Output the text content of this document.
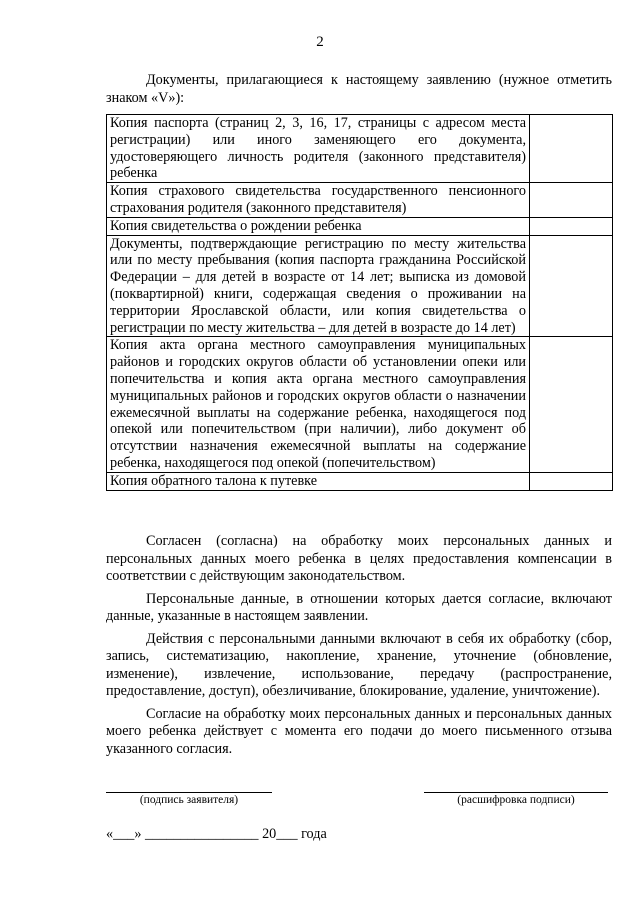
2
Документы, прилагающиеся к настоящему заявлению (нужное отметить знаком «V»):
Копия паспорта (страниц 2, 3, 16, 17, страницы с адресом места регистрации) или иного заменяющего его документа, удостоверяющего личность родителя (законного представителя) ребенка	
Копия страхового свидетельства государственного пенсионного страхования родителя (законного представителя)	
Копия свидетельства о рождении ребенка	
Документы, подтверждающие регистрацию по месту жительства или по месту пребывания (копия паспорта гражданина Российской Федерации – для детей в возрасте от 14 лет; выписка из домовой (поквартирной) книги, содержащая сведения о проживании на территории Ярославской области, или копия свидетельства о регистрации по месту жительства – для детей в возрасте до 14 лет)	
Копия акта органа местного самоуправления муниципальных районов и городских округов области об установлении опеки или попечительства и копия акта органа местного самоуправления муниципальных районов и городских округов области о назначении ежемесячной выплаты на содержание ребенка, находящегося под опекой или попечительством (при наличии), либо документ об отсутствии назначения ежемесячной выплаты на содержание ребенка, находящегося под опекой (попечительством)	
Копия обратного талона к путевке	

Согласен (согласна) на обработку моих персональных данных и персональных данных моего ребенка в целях предоставления компенсации в соответствии с действующим законодательством.

Персональные данные, в отношении которых дается согласие, включают данные, указанные в настоящем заявлении.

Действия с персональными данными включают в себя их обработку (сбор, запись, систематизацию, накопление, хранение, уточнение (обновление, изменение), извлечение, использование, передачу (распространение, предоставление, доступ), обезличивание, блокирование, удаление, уничтожение).

Согласие на обработку моих персональных данных и персональных данных моего ребенка действует с момента его подачи до моего письменного отзыва указанного согласия.

(подпись заявителя)	(расшифровка подписи)
«___» ________________ 20___ года
